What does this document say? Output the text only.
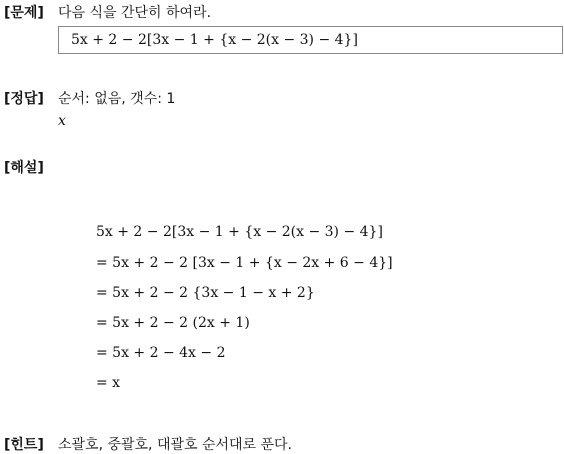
[문제] 다음 식을 간단히 하여라.
5x + 2 − 2[3x − 1 + {x − 2(x − 3) − 4}]
[정답] 순서: 없음, 갯수: 1
x
[해설]
5x + 2 − 2[3x − 1 + {x − 2(x − 3) − 4}]
= 5x + 2 − 2 [3x − 1 + {x − 2x + 6 − 4}]
= 5x + 2 − 2 {3x − 1 − x + 2}
= 5x + 2 − 2 (2x + 1)
= 5x + 2 − 4x − 2
= x
[힌트] 소괄호, 중괄호, 대괄호 순서대로 푼다.
